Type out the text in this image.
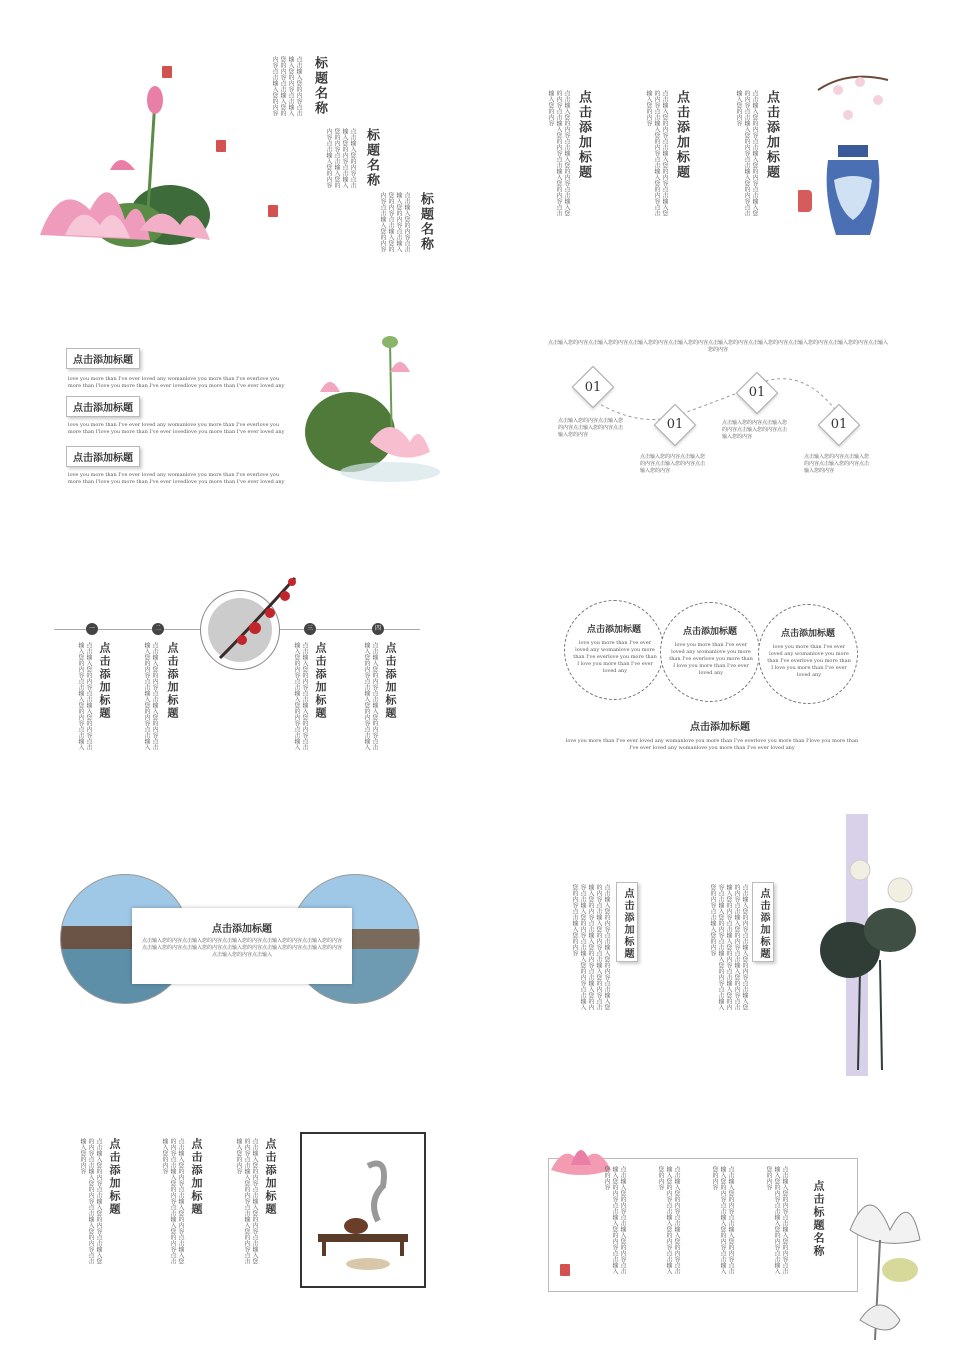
标题名称
点击输入您的内容点击输入您的内容点击输入您的内容点击输入您的内容点击输入您的内容
标题名称
点击输入您的内容点击输入您的内容点击输入您的内容点击输入您的内容点击输入您的内容
标题名称
点击输入您的内容点击输入您的内容点击输入您的内容点击输入您的内容点击输入您的内容
点击添加标题
点击输入您的内容点击输入您的内容点击输入您的内容点击输入您的内容点击输入您的内容点击输入您的内容	点击添加标题
点击输入您的内容点击输入您的内容点击输入您的内容点击输入您的内容点击输入您的内容点击输入您的内容	点击添加标题
点击输入您的内容点击输入您的内容点击输入您的内容点击输入您的内容点击输入您的内容点击输入您的内容
点击添加标题
love you more than I've ever loved any womanlove you more than I've everlove you more than I'love you more than I've ever lovedlove you more than I've ever loved any
点击添加标题
love you more than I've ever loved any womanlove you more than I've everlove you more than I'love you more than I've ever lovedlove you more than I've ever loved any
点击添加标题
love you more than I've ever loved any womanlove you more than I've everlove you more than I'love you more than I've ever lovedlove you more than I've ever loved any
点击输入您的内容点击输入您的内容点击输入您的内容点击输入您的内容点击输入您的内容点击输入您的内容点击输入您的内容点击输入您的内容点击输入您的内容
01
01
01
01
点击输入您的内容点击输入您的内容点击输入您的内容点击输入您的内容
点击输入您的内容点击输入您的内容点击输入您的内容点击输入您的内容
点击输入您的内容点击输入您的内容点击输入您的内容点击输入您的内容
点击输入您的内容点击输入您的内容点击输入您的内容点击输入您的内容
一	二	三	四
点击添加标题
点击输入您的内容点击输入您的内容点击输入您的内容点击输入您的内容点击输入	点击添加标题
点击输入您的内容点击输入您的内容点击输入您的内容点击输入您的内容点击输入	点击添加标题
点击输入您的内容点击输入您的内容点击输入您的内容点击输入您的内容点击输入	点击添加标题
点击输入您的内容点击输入您的内容点击输入您的内容点击输入您的内容点击输入
点击添加标题
love you more than I've ever loved any womanlove you more than I've everlove you more than I love you more than I've ever loved any
点击添加标题
love you more than I've ever loved any womanlove you more than I've everlove you more than I love you more than I've ever loved any
点击添加标题
love you more than I've ever loved any womanlove you more than I've everlove you more than I love you more than I've ever loved any
点击添加标题
love you more than I've ever loved any womanlove you more than I've everlove you more than I'love you more than I've ever loved any womanlove you more than I've ever loved any
点击添加标题
点击输入您的内容点击输入您的内容点击输入您的内容点击输入您的内容点击输入您的内容点击输入您的内容点击输入您的内容点击输入您的内容点击输入您的内容点击输入您的内容点击输入您的内容点击输入	点击输入您的内容点击输入您的内容点击输入您的内容点击输入您的内容点击输入您的内容点击输入您的内容点击输入您的内容点击输入您的内容点击输入您的内容点击输入您的内容点击输入您的内容点击输入您的内容	点击添加标题	点击输入您的内容点击输入您的内容点击输入您的内容点击输入您的内容点击输入您的内容点击输入您的内容点击输入您的内容点击输入您的内容点击输入您的内容点击输入您的内容点击输入您的内容点击输入您的内容	点击添加标题
点击添加标题
点击输入您的内容点击输入您的内容点击输入您的内容点击输入您的内容点击输入您的内容点击输入您的内容	点击添加标题
点击输入您的内容点击输入您的内容点击输入您的内容点击输入您的内容点击输入您的内容点击输入您的内容	点击添加标题
点击输入您的内容点击输入您的内容点击输入您的内容点击输入您的内容点击输入您的内容点击输入您的内容
点击输入您的内容点击输入您的内容点击输入您的内容点击输入您的内容点击输入您的内容	点击输入您的内容点击输入您的内容点击输入您的内容点击输入您的内容点击输入您的内容	点击输入您的内容点击输入您的内容点击输入您的内容点击输入您的内容点击输入您的内容	点击输入您的内容点击输入您的内容点击输入您的内容点击输入您的内容点击输入您的内容
点击标题名称
